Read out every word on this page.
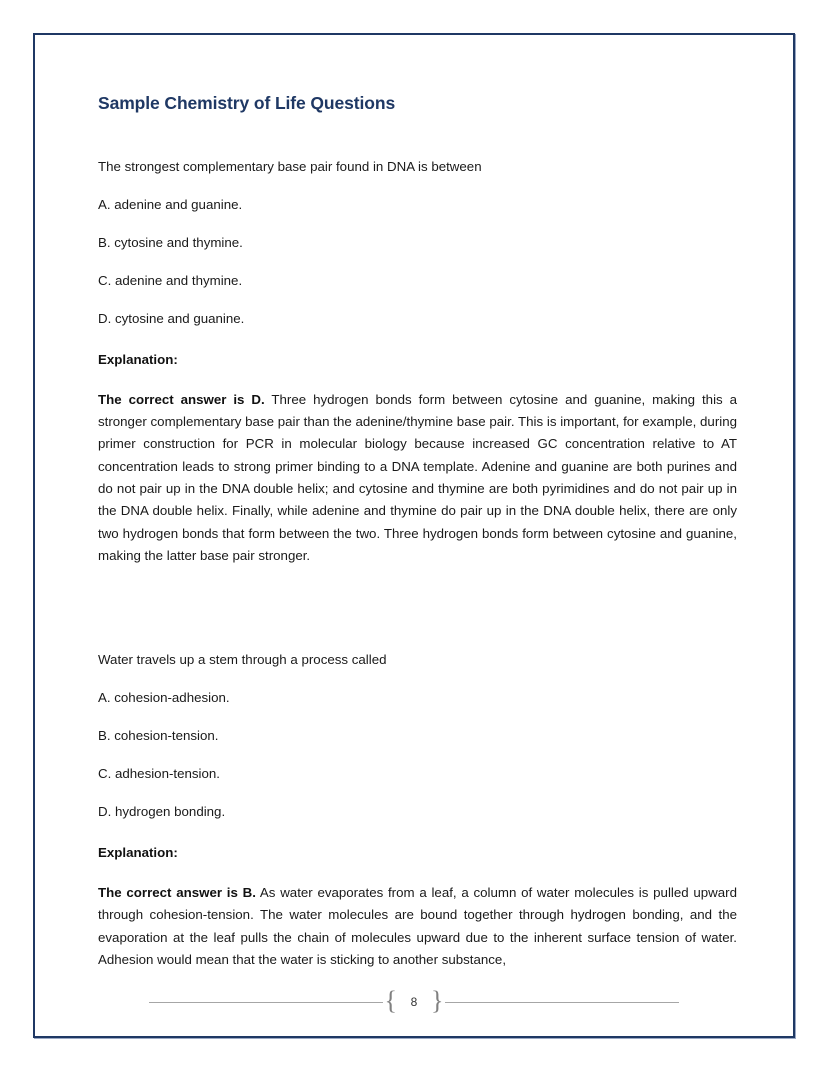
Sample Chemistry of Life Questions

The strongest complementary base pair found in DNA is between

A. adenine and guanine.
B. cytosine and thymine.
C. adenine and thymine.
D. cytosine and guanine.

Explanation:

The correct answer is D. Three hydrogen bonds form between cytosine and guanine, making this a stronger complementary base pair than the adenine/thymine base pair. This is important, for example, during primer construction for PCR in molecular biology because increased GC concentration relative to AT concentration leads to strong primer binding to a DNA template. Adenine and guanine are both purines and do not pair up in the DNA double helix; and cytosine and thymine are both pyrimidines and do not pair up in the DNA double helix. Finally, while adenine and thymine do pair up in the DNA double helix, there are only two hydrogen bonds that form between the two. Three hydrogen bonds form between cytosine and guanine, making the latter base pair stronger.

Water travels up a stem through a process called

A. cohesion-adhesion.
B. cohesion-tension.
C. adhesion-tension.
D. hydrogen bonding.

Explanation:

The correct answer is B. As water evaporates from a leaf, a column of water molecules is pulled upward through cohesion-tension. The water molecules are bound together through hydrogen bonding, and the evaporation at the leaf pulls the chain of molecules upward due to the inherent surface tension of water. Adhesion would mean that the water is sticking to another substance,

{	8 }
